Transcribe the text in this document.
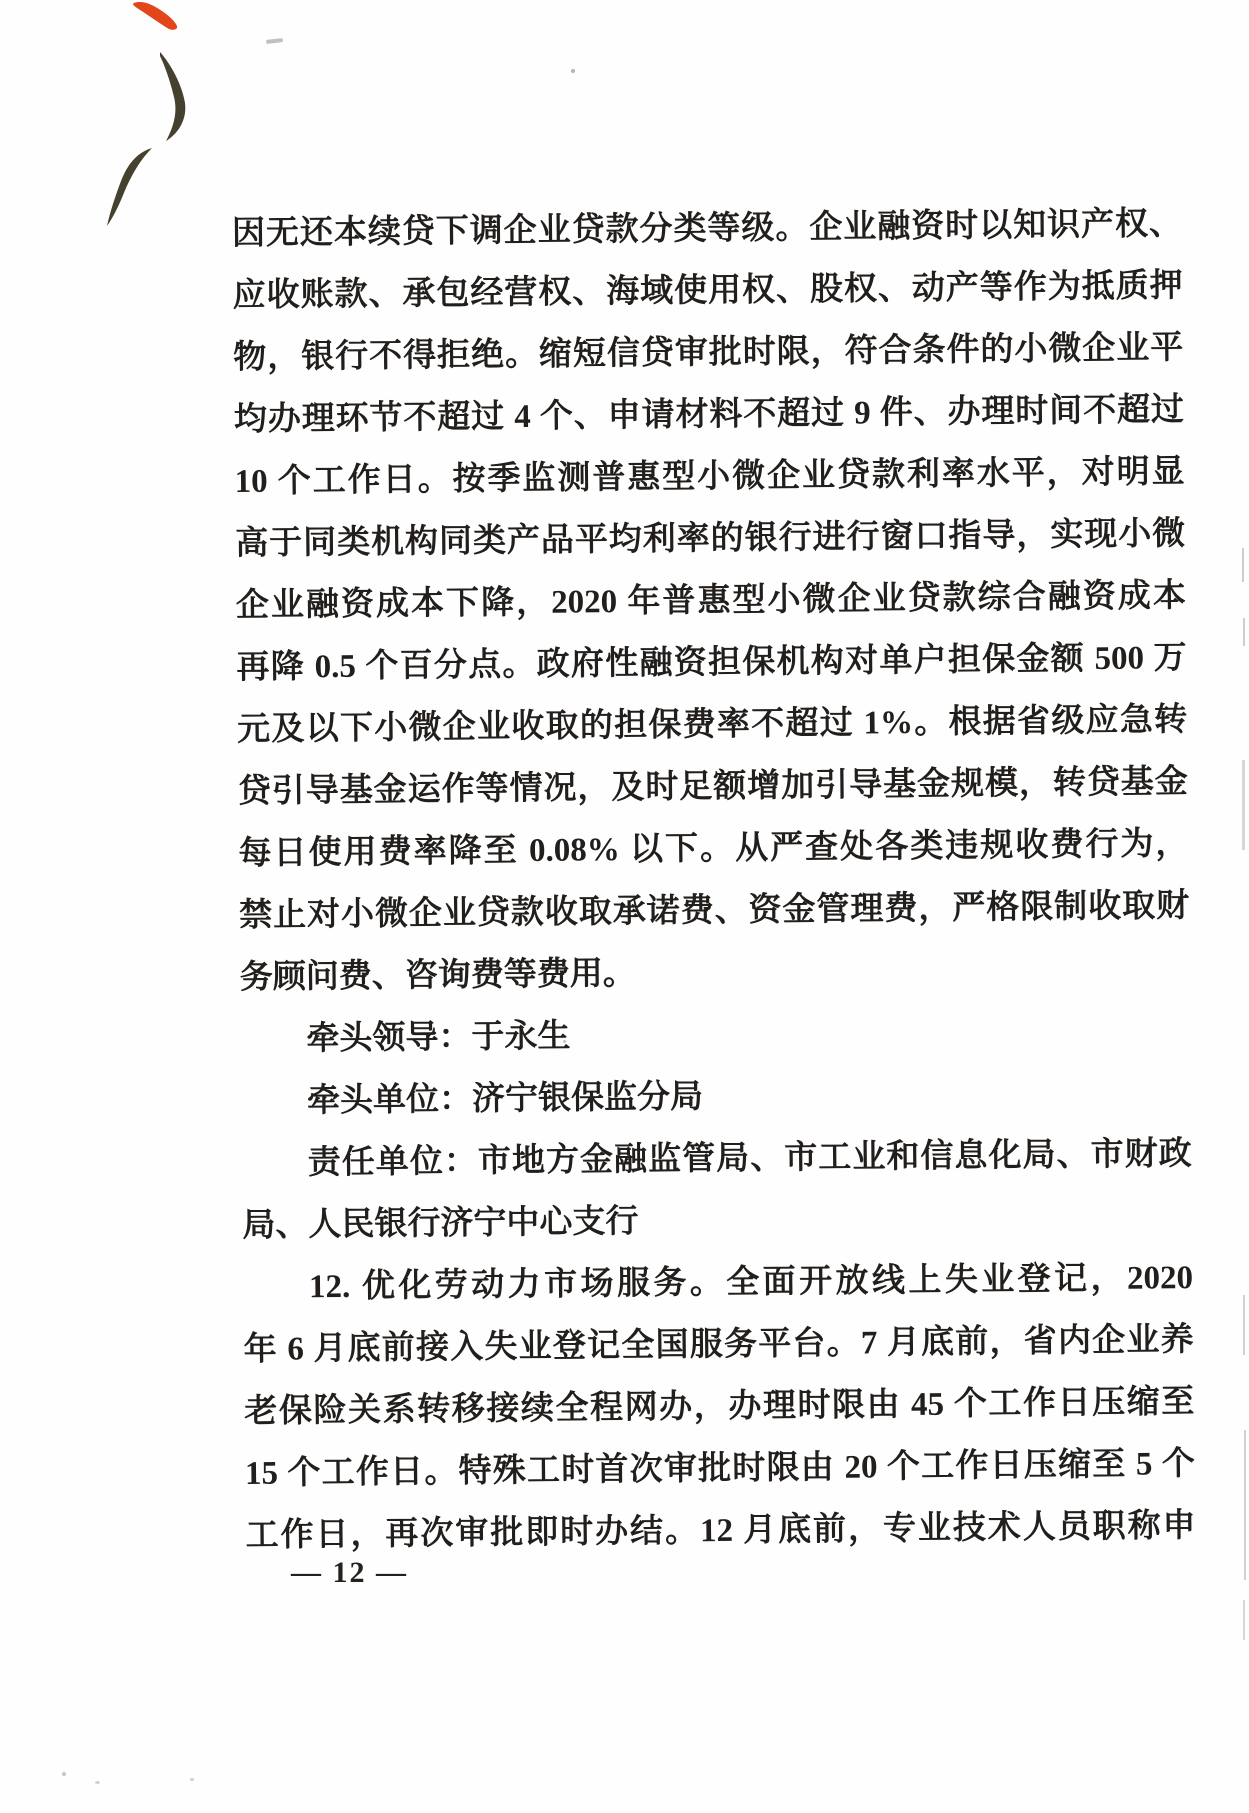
因无还本续贷下调企业贷款分类等级。企业融资时以知识产权、
应收账款、承包经营权、海域使用权、股权、动产等作为抵质押
物，银行不得拒绝。缩短信贷审批时限，符合条件的小微企业平
均办理环节不超过 4 个、申请材料不超过 9 件、办理时间不超过
10 个工作日。按季监测普惠型小微企业贷款利率水平，对明显
高于同类机构同类产品平均利率的银行进行窗口指导，实现小微
企业融资成本下降，2020 年普惠型小微企业贷款综合融资成本
再降 0.5 个百分点。政府性融资担保机构对单户担保金额 500 万
元及以下小微企业收取的担保费率不超过 1%。根据省级应急转
贷引导基金运作等情况，及时足额增加引导基金规模，转贷基金
每日使用费率降至 0.08% 以下。从严查处各类违规收费行为，
禁止对小微企业贷款收取承诺费、资金管理费，严格限制收取财
务顾问费、咨询费等费用。
牵头领导：于永生
牵头单位：济宁银保监分局
责任单位：市地方金融监管局、市工业和信息化局、市财政
局、人民银行济宁中心支行
12. 优化劳动力市场服务。全面开放线上失业登记，2020
年 6 月底前接入失业登记全国服务平台。7 月底前，省内企业养
老保险关系转移接续全程网办，办理时限由 45 个工作日压缩至
15 个工作日。特殊工时首次审批时限由 20 个工作日压缩至 5 个
工作日，再次审批即时办结。12 月底前，专业技术人员职称申
— 12 —
